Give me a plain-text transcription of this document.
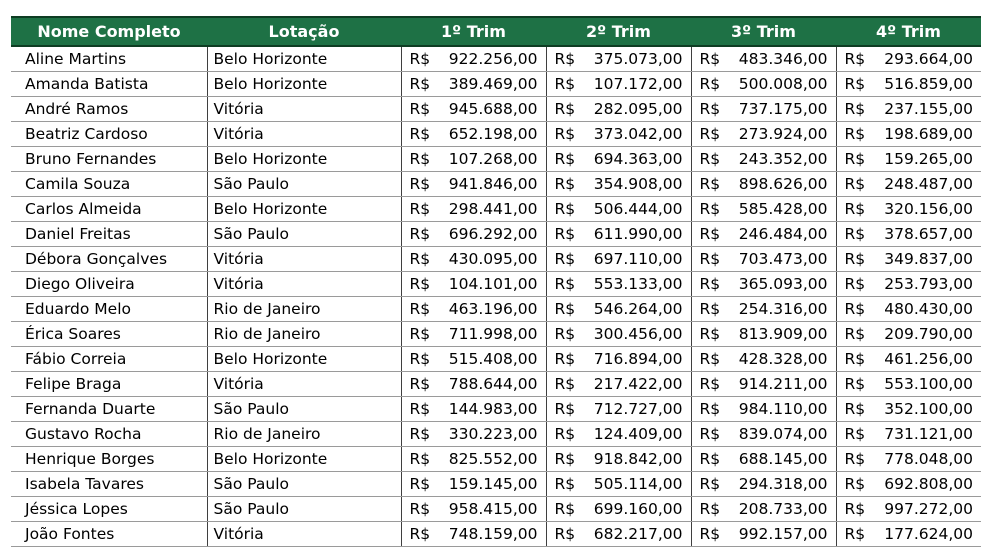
Nome Completo	Lotação	1º Trim	2º Trim	3º Trim	4º Trim
Aline Martins	Belo Horizonte	R$ 922.256,00	R$ 375.073,00	R$ 483.346,00	R$ 293.664,00

Amanda Batista	Belo Horizonte	R$ 389.469,00	R$ 107.172,00	R$ 500.008,00	R$ 516.859,00

André Ramos	Vitória	R$ 945.688,00	R$ 282.095,00	R$ 737.175,00	R$ 237.155,00

Beatriz Cardoso	Vitória	R$ 652.198,00	R$ 373.042,00	R$ 273.924,00	R$ 198.689,00

Bruno Fernandes	Belo Horizonte	R$ 107.268,00	R$ 694.363,00	R$ 243.352,00	R$ 159.265,00

Camila Souza	São Paulo	R$ 941.846,00	R$ 354.908,00	R$ 898.626,00	R$ 248.487,00

Carlos Almeida	Belo Horizonte	R$ 298.441,00	R$ 506.444,00	R$ 585.428,00	R$ 320.156,00

Daniel Freitas	São Paulo	R$ 696.292,00	R$ 611.990,00	R$ 246.484,00	R$ 378.657,00

Débora Gonçalves	Vitória	R$ 430.095,00	R$ 697.110,00	R$ 703.473,00	R$ 349.837,00

Diego Oliveira	Vitória	R$ 104.101,00	R$ 553.133,00	R$ 365.093,00	R$ 253.793,00

Eduardo Melo	Rio de Janeiro	R$ 463.196,00	R$ 546.264,00	R$ 254.316,00	R$ 480.430,00

Érica Soares	Rio de Janeiro	R$ 711.998,00	R$ 300.456,00	R$ 813.909,00	R$ 209.790,00

Fábio Correia	Belo Horizonte	R$ 515.408,00	R$ 716.894,00	R$ 428.328,00	R$ 461.256,00

Felipe Braga	Vitória	R$ 788.644,00	R$ 217.422,00	R$ 914.211,00	R$ 553.100,00

Fernanda Duarte	São Paulo	R$ 144.983,00	R$ 712.727,00	R$ 984.110,00	R$ 352.100,00

Gustavo Rocha	Rio de Janeiro	R$ 330.223,00	R$ 124.409,00	R$ 839.074,00	R$ 731.121,00

Henrique Borges	Belo Horizonte	R$ 825.552,00	R$ 918.842,00	R$ 688.145,00	R$ 778.048,00

Isabela Tavares	São Paulo	R$ 159.145,00	R$ 505.114,00	R$ 294.318,00	R$ 692.808,00

Jéssica Lopes	São Paulo	R$ 958.415,00	R$ 699.160,00	R$ 208.733,00	R$ 997.272,00

João Fontes	Vitória	R$ 748.159,00	R$ 682.217,00	R$ 992.157,00	R$ 177.624,00
